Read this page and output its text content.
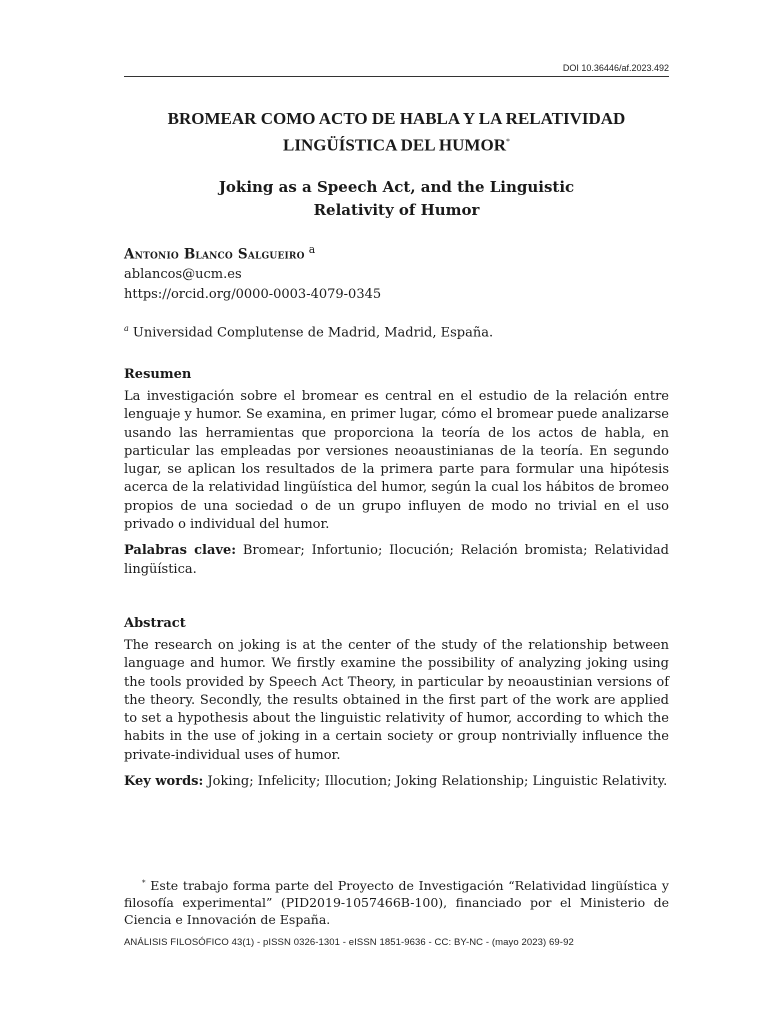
DOI 10.36446/af.2023.492
BROMEAR COMO ACTO DE HABLA Y LA RELATIVIDAD
LINGÜÍSTICA DEL HUMOR*
Joking as a Speech Act, and the Linguistic
Relativity of Humor
Antonio Blanco Salgueiro $^a$
ablancos@ucm.es
https://orcid.org/0000-0003-4079-0345
$^a$ Universidad Complutense de Madrid, Madrid, España.
Resumen

La investigación sobre el bromear es central en el estudio de la relación entre lenguaje y humor. Se examina, en primer lugar, cómo el bromear puede analizarse usando las herramientas que proporciona la teoría de los actos de habla, en particular las empleadas por versiones neoaustinianas de la teoría. En segundo lugar, se aplican los resultados de la primera parte para formular una hipótesis acerca de la relatividad lingüística del humor, según la cual los hábitos de bromeo propios de una sociedad o de un grupo influyen de modo no trivial en el uso privado o individual del humor.

Palabras clave: Bromear; Infortunio; Ilocución; Relación bromista; Relatividad lingüística.

Abstract

The research on joking is at the center of the study of the relationship between language and humor. We firstly examine the possibility of analyzing joking using the tools provided by Speech Act Theory, in particular by neoaustinian versions of the theory. Secondly, the results obtained in the first part of the work are applied to set a hypothesis about the linguistic relativity of humor, according to which the habits in the use of joking in a certain society or group nontrivially influence the private-individual uses of humor.

Key words: Joking; Infelicity; Illocution; Joking Relationship; Linguistic Relativity.

* Este trabajo forma parte del Proyecto de Investigación “Relatividad lingüística y filosofía experimental” (PID2019-1057466B-100), financiado por el Ministerio de Ciencia e Innovación de España.
ANÁLISIS FILOSÓFICO 43(1) - pISSN 0326-1301 - eISSN 1851-9636 - CC: BY-NC - (mayo 2023) 69-92
